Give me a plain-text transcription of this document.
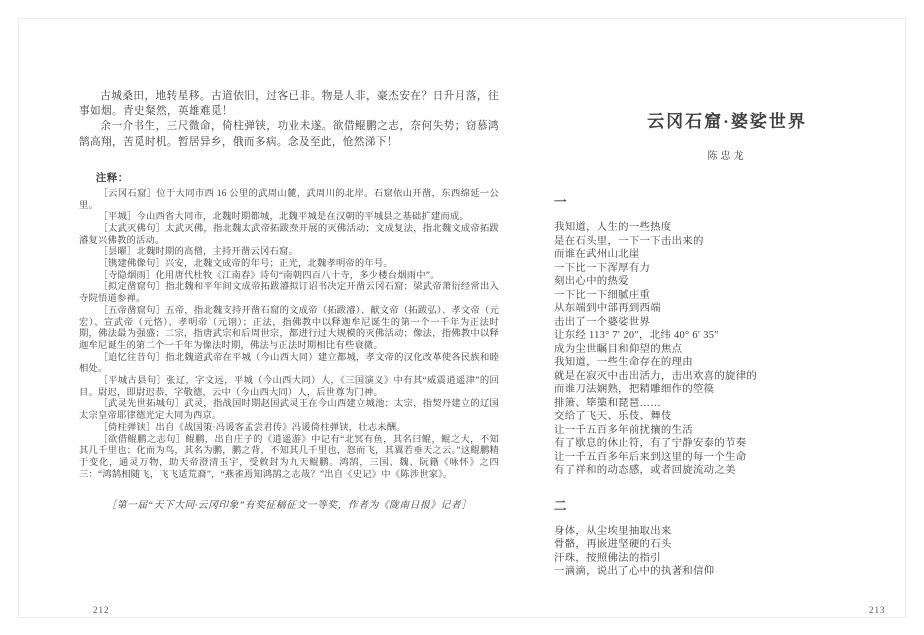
古城桑田，地转星移。古道依旧，过客已非。物是人非，豪杰安在？日升月落，往事如烟。青史粲然，英雄难觅！

余一介书生，三尺微命，倚柱弹铗，功业未遂。欲借鲲鹏之志，奈何失势；窃慕鸿鹄高翔，苦觅时机。暂居异乡，俄而多病。念及至此，怆然涕下！

注释：

［云冈石窟］位于大同市西 16 公里的武周山麓，武周川的北岸。石窟依山开凿，东西绵延一公里。

［平城］今山西省大同市，北魏时期都城，北魏平城是在汉朝的平城县之基础扩建而成。

［太武灭佛句］太武灭佛，指北魏太武帝拓跋焘开展的灭佛活动；文成复法，指北魏文成帝拓跋濬复兴佛教的活动。

［昙曜］北魏时期的高僧，主持开凿云冈石窟。

［镌建佛像句］兴安，北魏文成帝的年号；正光，北魏孝明帝的年号。

［寺隐烟雨］化用唐代杜牧《江南春》诗句“南朝四百八十寺，多少楼台烟雨中”。

［拟定凿窟句］指北魏和平年间文成帝拓跋濬拟订诏书决定开凿云冈石窟；梁武帝萧衍经常出入寺院悟道参禅。

［五帝凿窟句］五帝，指北魏支持开凿石窟的文成帝（拓跋濬）、献文帝（拓跋弘）、孝文帝（元宏）、宣武帝（元恪）、孝明帝（元诩）；正法，指佛教中以释迦牟尼诞生的第一个一千年为正法时期，佛法最为强盛；二宗，指唐武宗和后周世宗，都进行过大规模的灭佛活动；像法，指佛教中以释迦牟尼诞生的第二个一千年为像法时期，佛法与正法时期相比有些衰微。

［追忆往昔句］指北魏道武帝在平城（今山西大同）建立都城，孝文帝的汉化改革使各民族和睦相处。

［平城古县句］张辽，字文远，平城（今山西大同）人，《三国演义》中有其“威震逍遥津”的回目。尉迟，即尉迟恭，字敬德，云中（今山西大同）人，后世尊为门神。

［武灵先世拓城句］武灵，指战国时期赵国武灵王在今山西建立城池；太宗，指契丹建立的辽国太宗皇帝耶律德光定大同为西京。

［倚柱弹铗］出自《战国策·冯谖客孟尝君传》冯谖倚柱弹铗，壮志未酬。

［欲借鲲鹏之志句］鲲鹏，出自庄子的《逍遥游》中记有“北冥有鱼，其名曰鲲，鲲之大，不知其几千里也；化而为鸟，其名为鹏，鹏之背，不知其几千里也，怒而飞，其翼若垂天之云。”这鲲鹏精于变化，通灵万物，助天帝澄清玉宇，受敕封为九天鲲鹏。鸿鹄，三国、魏、阮籍《咏怀》之四三：“鸿鹄相随飞，飞飞适荒裔”，“燕雀焉知鸿鹄之志哉？”出自《史记》中《陈涉世家》。

［第一届“天下大同·云冈印象”有奖征稿征文一等奖，作者为《陇南日报》记者］

云冈石窟·婆娑世界
陈忠龙
一

我知道，人生的一些热度

是在石头里，一下一下击出来的

而谁在武州山北崖

一下比一下浑厚有力

刻出心中的热爱

一下比一下细腻庄重

从东端到中部再到西端

击出了一个婆娑世界

让东经 113° 7′ 20″，北纬 40° 6′ 35″

成为尘世瞩目和仰望的焦点

我知道，一些生命存在的理由

就是在寂灭中击出活力，击出欢喜的旋律的

而谁刀法娴熟，把精雕细作的箜篌

排箫、筚篥和琵琶……

交给了飞天、乐伎、舞伎

让一千五百多年前扰攘的生活

有了歇息的休止符，有了宁静安泰的节奏

让一千五百多年后来到这里的每一个生命

有了祥和的动态感，或者回旋流动之美

二

身体，从尘埃里抽取出来

骨骼，再嵌进坚硬的石头

汗珠，按照佛法的指引

一滴滴，说出了心中的执著和信仰

212	213
